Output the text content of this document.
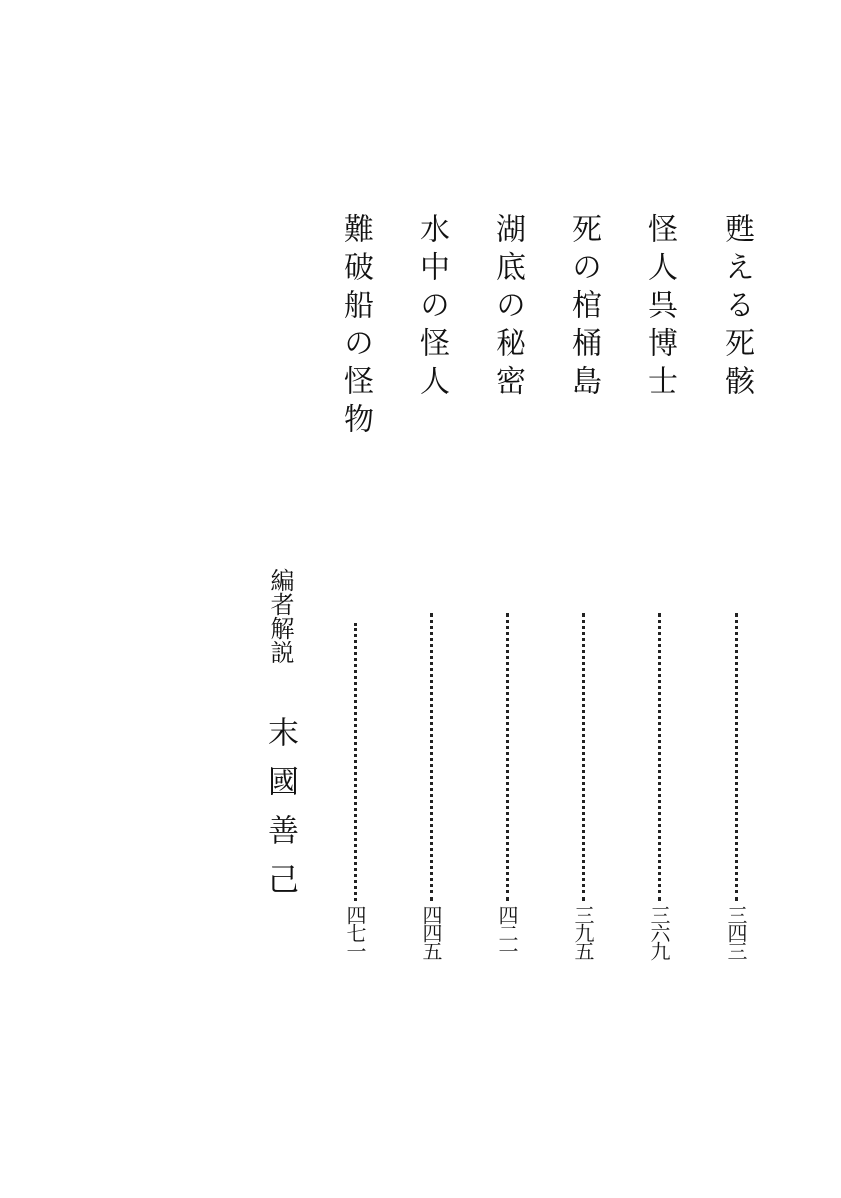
甦える死骸
三四三
怪人呉博士
三六九
死の棺桶島
三九五
湖底の秘密
四二一
水中の怪人
四四五
難破船の怪物
四七一
編者解説
末國善己
